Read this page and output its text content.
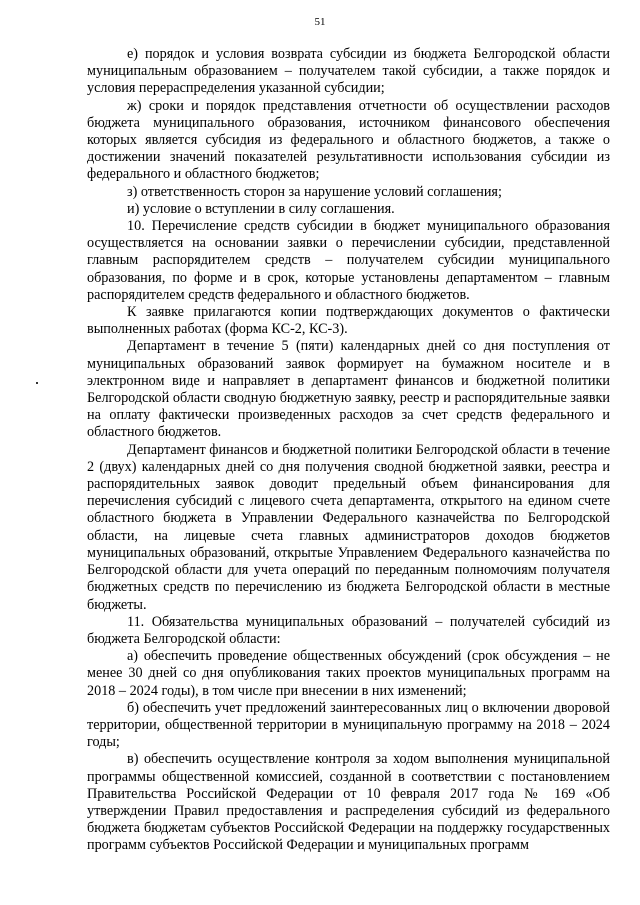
51

е) порядок и условия возврата субсидии из бюджета Белгородской области муниципальным образованием – получателем такой субсидии, а также порядок и условия перераспределения указанной субсидии;

ж) сроки и порядок представления отчетности об осуществлении расходов бюджета муниципального образования, источником финансового обеспечения которых является субсидия из федерального и областного бюджетов, а также о достижении значений показателей результативности использования субсидии из федерального и областного бюджетов;

з) ответственность сторон за нарушение условий соглашения;

и) условие о вступлении в силу соглашения.

10. Перечисление средств субсидии в бюджет муниципального образования осуществляется на основании заявки о перечислении субсидии, представленной главным распорядителем средств – получателем субсидии муниципального образования, по форме и в срок, которые установлены департаментом – главным распорядителем средств федерального и областного бюджетов.

К заявке прилагаются копии подтверждающих документов о фактически выполненных работах (форма КС-2, КС-3).

Департамент в течение 5 (пяти) календарных дней со дня поступления от муниципальных образований заявок формирует на бумажном носителе и в электронном виде и направляет в департамент финансов и бюджетной политики Белгородской области сводную бюджетную заявку, реестр и распорядительные заявки на оплату фактически произведенных расходов за счет средств федерального и областного бюджетов.

Департамент финансов и бюджетной политики Белгородской области в течение 2 (двух) календарных дней со дня получения сводной бюджетной заявки, реестра и распорядительных заявок доводит предельный объем финансирования для перечисления субсидий с лицевого счета департамента, открытого на едином счете областного бюджета в Управлении Федерального казначейства по Белгородской области, на лицевые счета главных администраторов доходов бюджетов муниципальных образований, открытые Управлением Федерального казначейства по Белгородской области для учета операций по переданным полномочиям получателя бюджетных средств по перечислению из бюджета Белгородской области в местные бюджеты.

11. Обязательства муниципальных образований – получателей субсидий из бюджета Белгородской области:

а) обеспечить проведение общественных обсуждений (срок обсуждения – не менее 30 дней со дня опубликования таких проектов муниципальных программ на 2018 – 2024 годы), в том числе при внесении в них изменений;

б) обеспечить учет предложений заинтересованных лиц о включении дворовой территории, общественной территории в муниципальную программу на 2018 – 2024 годы;

в) обеспечить осуществление контроля за ходом выполнения муниципальной программы общественной комиссией, созданной в соответствии с постановлением Правительства Российской Федерации от 10 февраля 2017 года № 169 «Об утверждении Правил предоставления и распределения субсидий из федерального бюджета бюджетам субъектов Российской Федерации на поддержку государственных программ субъектов Российской Федерации и муниципальных программ
